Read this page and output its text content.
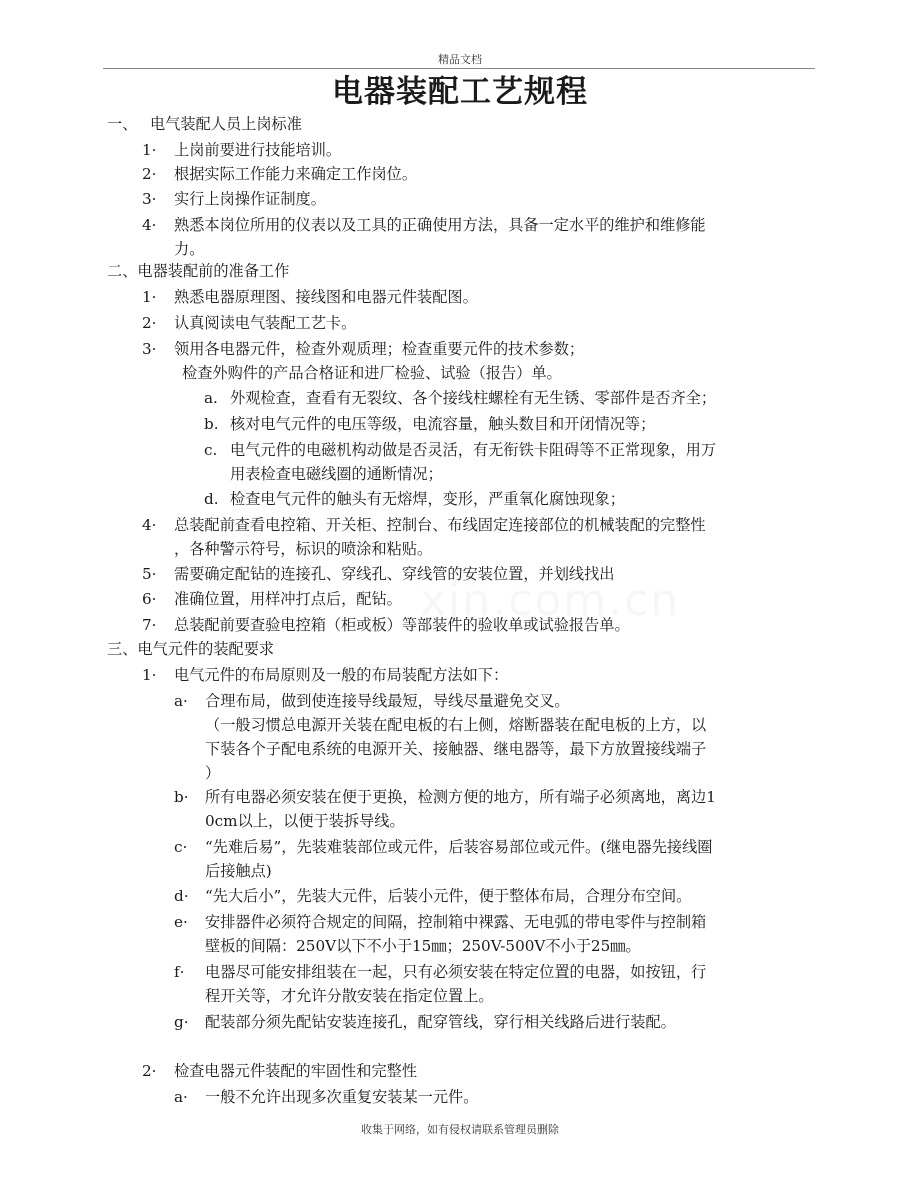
精品文档
电器装配工艺规程
收集于网络，如有侵权请联系管理员删除
一、 电气装配人员上岗标准
1· 上岗前要进行技能培训。
2· 根据实际工作能力来确定工作岗位。
3· 实行上岗操作证制度。
4· 熟悉本岗位所用的仪表以及工具的正确使用方法，具备一定水平的维护和维修能
力。
二、电器装配前的准备工作
1· 熟悉电器原理图、接线图和电器元件装配图。
2· 认真阅读电气装配工艺卡。
3· 领用各电器元件，检查外观质理；检查重要元件的技术参数；
检查外购件的产品合格证和进厂检验、试验（报告）单。
a. 外观检查，查看有无裂纹、各个接线柱螺栓有无生锈、零部件是否齐全；
b. 核对电气元件的电压等级，电流容量，触头数目和开闭情况等；
c. 电气元件的电磁机构动做是否灵活，有无衔铁卡阻碍等不正常现象，用万
用表检查电磁线圈的通断情况；
d. 检查电气元件的触头有无熔焊，变形，严重氧化腐蚀现象；
4· 总装配前查看电控箱、开关柜、控制台、布线固定连接部位的机械装配的完整性
，各种警示符号，标识的喷涂和粘贴。
5· 需要确定配钻的连接孔、穿线孔、穿线管的安装位置，并划线找出
6· 准确位置，用样冲打点后，配钻。
7· 总装配前要查验电控箱（柜或板）等部装件的验收单或试验报告单。
三、电气元件的装配要求
1· 电气元件的布局原则及一般的布局装配方法如下：
a· 合理布局，做到使连接导线最短，导线尽量避免交叉。
（一般习惯总电源开关装在配电板的右上侧，熔断器装在配电板的上方，以
下装各个子配电系统的电源开关、接触器、继电器等，最下方放置接线端子
）
b· 所有电器必须安装在便于更换，检测方便的地方，所有端子必须离地，离边1
0cm以上，以便于装拆导线。
c· “先难后易”，先装难装部位或元件，后装容易部位或元件。(继电器先接线圈
后接触点)
d· “先大后小”，先装大元件，后装小元件，便于整体布局，合理分布空间。
e· 安排器件必须符合规定的间隔，控制箱中裸露、无电弧的带电零件与控制箱
壁板的间隔：250V以下不小于15㎜；250V-500V不小于25㎜。
f· 电器尽可能安排组装在一起，只有必须安装在特定位置的电器，如按钮，行
程开关等，才允许分散安装在指定位置上。
g· 配装部分须先配钻安装连接孔，配穿管线，穿行相关线路后进行装配。
2· 检查电器元件装配的牢固性和完整性
a· 一般不允许出现多次重复安装某一元件。
